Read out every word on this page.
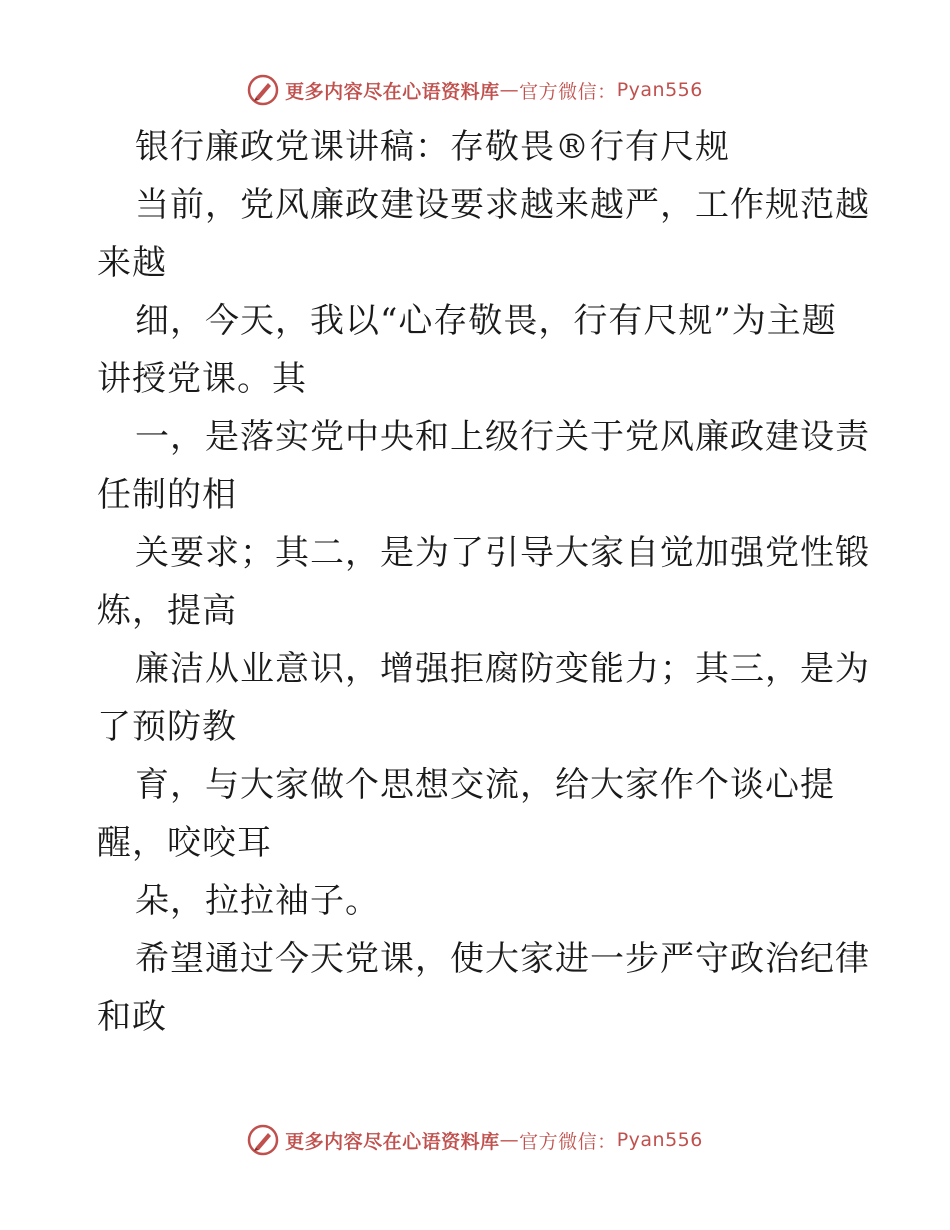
更多内容尽在心语资料库 — 官方微信： Pyan556
银行廉政党课讲稿：存敬畏®行有尺规
当前，党风廉政建设要求越来越严，工作规范越
来越
细，今天，我以“心存敬畏，行有尺规”为主题
讲授党课。其
一，是落实党中央和上级行关于党风廉政建设责
任制的相
关要求；其二，是为了引导大家自觉加强党性锻
炼，提高
廉洁从业意识，增强拒腐防变能力；其三，是为
了预防教
育，与大家做个思想交流，给大家作个谈心提
醒，咬咬耳
朵，拉拉袖子。
希望通过今天党课，使大家进一步严守政治纪律
和政
更多内容尽在心语资料库 — 官方微信： Pyan556
